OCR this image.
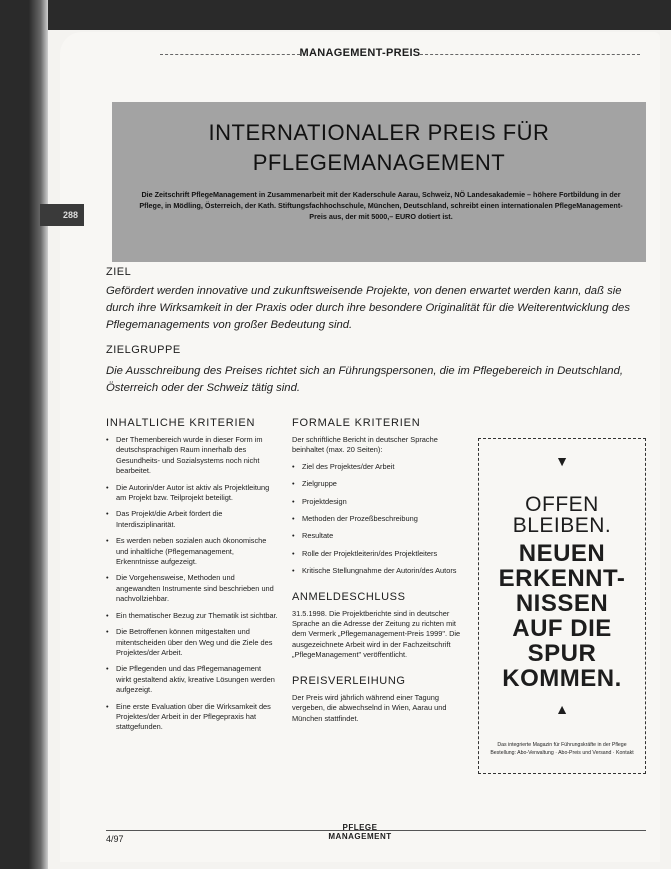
MANAGEMENT-PREIS
INTERNATIONALER PREIS FÜR
PFLEGEMANAGEMENT
Die Zeitschrift PflegeManagement in Zusammenarbeit mit der Kaderschule Aarau, Schweiz, NÖ Landesakademie – höhere Fortbildung in der Pflege, in Mödling, Österreich, der Kath. Stiftungsfachhochschule, München, Deutschland, schreibt einen internationalen PflegeManagement-Preis aus, der mit 5000,– EURO dotiert ist.
288
ZIEL
Gefördert werden innovative und zukunftsweisende Projekte, von denen erwartet werden kann, daß sie durch ihre Wirksamkeit in der Praxis oder durch ihre besondere Originalität für die Weiterentwicklung des Pflegemanagements von großer Bedeutung sind.
ZIELGRUPPE
Die Ausschreibung des Preises richtet sich an Führungspersonen, die im Pflegebereich in Deutschland, Österreich oder der Schweiz tätig sind.
INHALTLICHE KRITERIEN
• Der Themenbereich wurde in dieser Form im deutschsprachigen Raum innerhalb des Gesundheits- und Sozialsystems noch nicht bearbeitet.
• Die Autorin/der Autor ist aktiv als Projektleitung am Projekt bzw. Teilprojekt beteiligt.
• Das Projekt/die Arbeit fördert die Interdisziplinarität.
• Es werden neben sozialen auch ökonomische und inhaltliche (Pflegemanagement, Erkenntnisse aufgezeigt.
• Die Vorgehensweise, Methoden und angewandten Instrumente sind beschrieben und nachvollziehbar.
• Ein thematischer Bezug zur Thematik ist sichtbar.
• Die Betroffenen können mitgestalten und mitentscheiden über den Weg und die Ziele des Projektes/der Arbeit.
• Die Pflegenden und das Pflegemanagement wirkt gestaltend aktiv, kreative Lösungen werden aufgezeigt.
• Eine erste Evaluation über die Wirksamkeit des Projektes/der Arbeit in der Pflegepraxis hat stattgefunden.
FORMALE KRITERIEN
Der schriftliche Bericht in deutscher Sprache beinhaltet (max. 20 Seiten):
• Ziel des Projektes/der Arbeit
• Zielgruppe
• Projektdesign
• Methoden der Prozeßbeschreibung
• Resultate
• Rolle der Projektleiterin/des Projektleiters
• Kritische Stellungnahme der Autorin/des Autors
ANMELDESCHLUSS
31.5.1998. Die Projektberichte sind in deutscher Sprache an die Adresse der Zeitung zu richten mit dem Vermerk „Pflegemanagement-Preis 1999". Die ausgezeichnete Arbeit wird in der Fachzeitschrift „PflegeManagement" veröffentlicht.
PREISVERLEIHUNG
Der Preis wird jährlich während einer Tagung vergeben, die abwechselnd in Wien, Aarau und München stattfindet.
▼
OFFEN
BLEIBEN.
NEUEN
ERKENNT-
NISSEN
AUF DIE
SPUR
KOMMEN.
▲
Das integrierte Magazin für Führungskräfte in der Pflege
Bestellung: Abo-Verwaltung · Abo-Preis und Versand · Kontakt
4/97
PFLEGE
MANAGEMENT
